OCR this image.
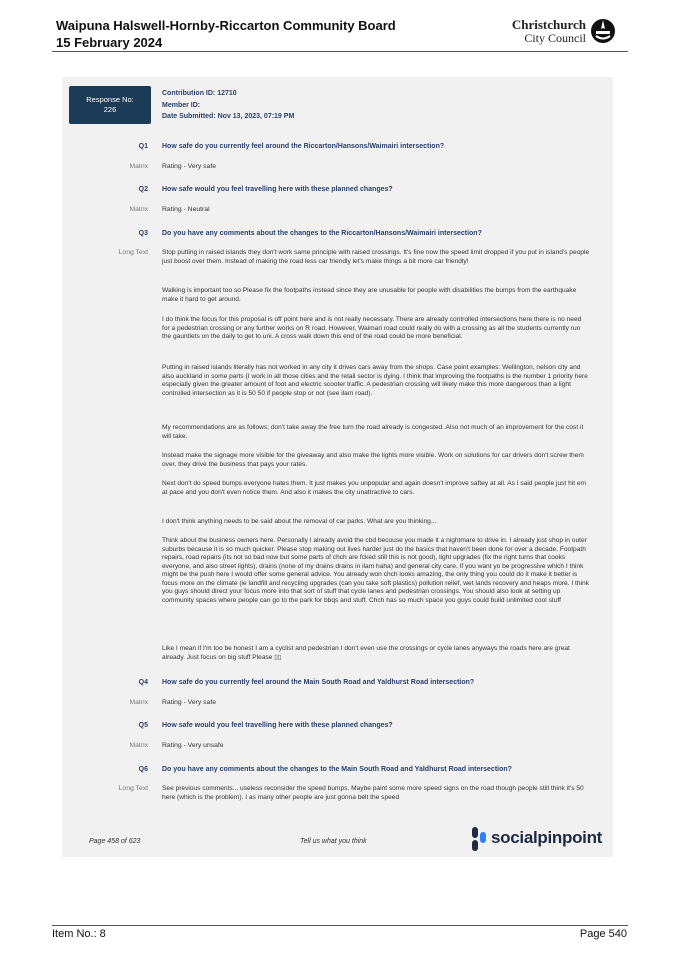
Waipuna Halswell-Hornby-Riccarton Community Board
15 February 2024
Christchurch
City Council
Response No:
226
Contribution ID: 12710
Member ID:
Date Submitted: Nov 13, 2023, 07:19 PM
Q1 How safe do you currently feel around the Riccarton/Hansons/Waimairi intersection?
Matrix Rating - Very safe
Q2 How safe would you feel travelling here with these planned changes?
Matrix Rating - Neutral
Q3 Do you have any comments about the changes to the Riccarton/Hansons/Waimairi intersection?
Long Text Stop putting in raised islands they don't work same principle with raised crossings. It's fine now the speed limit dropped if you put in island's people just boost over them. Instead of making the road less car friendly let's make things a bit more car friendly!

Walking is important too so Please fix the footpaths instead since they are unusable for people with disabilities the bumps from the earthquake make it hard to get around.

I do think the focus for this proposal is off point here and is not really necessary. There are already controlled intersections here there is no need for a pedestrian crossing or any further works on R road. However, Waimari road could really do with a crossing as all the students currently run the gauntlets on the daily to get to uni. A cross walk down this end of the road could be more beneficial.

Putting in raised islands literally has not worked in any city it drives cars away from the shops. Case point examples: Wellington, nelson city and also auckland in some parts (I work in all those cities and the retail sector is dying. I think that improving the footpaths is the number 1 priority here especially given the greater amount of foot and electric scooter traffic. A pedestrian crossing will likely make this more dangerous than a light controlled intersection as it is 50 50 if people stop or not (see ilam road).

My recommendations are as follows; don't take away the free turn the road already is congested. Also not much of an improvement for the cost it will take.

Instead make the signage more visible for the giveaway and also make the lights more visible. Work on solutions for car drivers don't screw them over, they drive the business that pays your rates.

Next don't do speed bumps everyone hates them. It just makes you unpopular and again doesn't improve saftey at all. As I said people just hit em at pace and you don't even notice them. And also it makes the city unattractive to cars.

I don't think anything needs to be said about the removal of car parks. What are you thinking...

Think about the business owners here. Personally I already avoid the cbd becouse you made it a nightmare to drive in. I already just shop in outer suburbs because it is so much quicker. Please stop making out lives harder just do the basics that haven't been done for over a decade. Footpath repairs, road repairs (its not so bad now but some parts of chch are fcked still this is not good), light upgrades (fix the right turns that cooks everyone, and also street lights), drains (none of my drains drains in ilam haha) and general city care. If you want yo be progressive which I think might be the push here I would offer some general advice. You already won chch looks amazing, the only thing you could do it make it better is focus more on the climate (ie landfill and recycling upgrades (can you take soft plastics) pollution relief, wet lands recovery and heaps more. I think you guys should direct your focus more into that sort of stuff that cycle lanes and pedestrian crossings. You should also look at setting up community spaces where people can go to the park for bbqs and stuff. Chch has so much space you guys could build unlimited cool stuff

Like I mean if I'm too be honest I am a cyclist and pedestrian I don't even use the crossings or cycle lanes anyways the roads here are great already. Just focus on big stuff Please ▯▯

Q4 How safe do you currently feel around the Main South Road and Yaldhurst Road intersection?
Matrix Rating - Very safe
Q5 How safe would you feel travelling here with these planned changes?
Matrix Rating - Very unsafe
Q6 Do you have any comments about the changes to the Main South Road and Yaldhurst Road intersection?
Long Text See previous comments... useless reconsider the speed bumps. Maybe paint some more speed signs on the road though people still think it's 50 here (which is the problem). I as many other people are just gonna belt the speed

Page 458 of 623	Tell us what you think	socialpinpoint
Item No.: 8	Page 540
